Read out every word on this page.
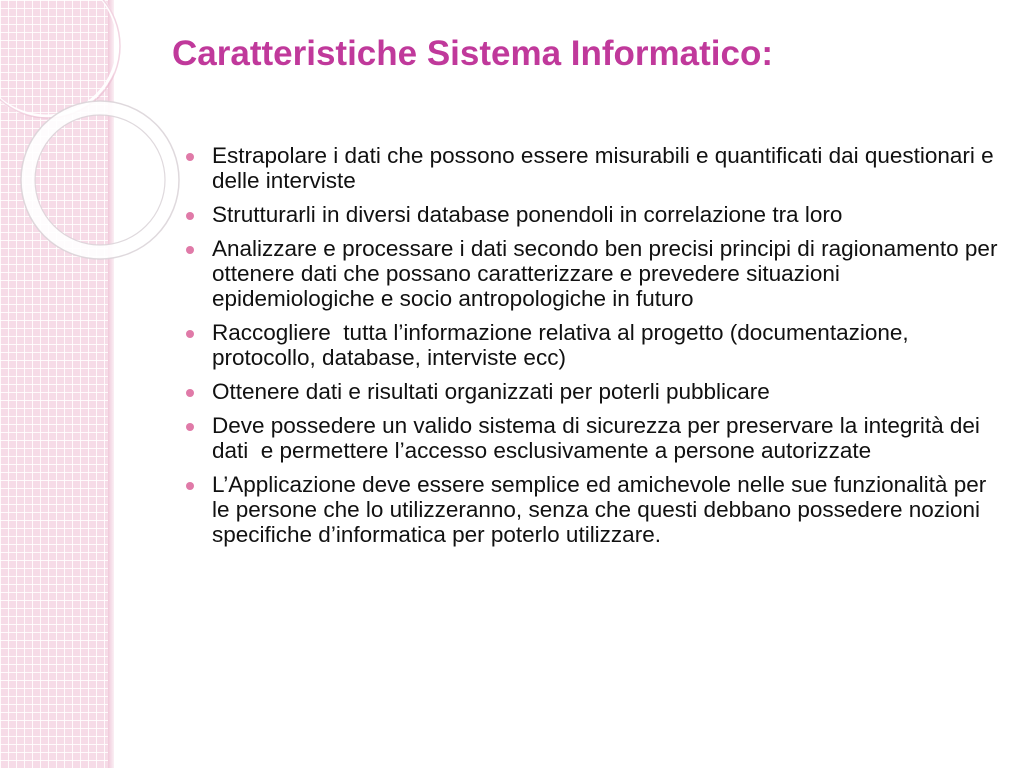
Caratteristiche Sistema Informatico:
Estrapolare i dati che possono essere misurabili e quantificati dai questionari e delle interviste
Strutturarli in diversi database ponendoli in correlazione tra loro
Analizzare e processare i dati secondo ben precisi principi di ragionamento per ottenere dati che possano caratterizzare e prevedere situazioni epidemiologiche e socio antropologiche in futuro
Raccogliere  tutta l’informazione relativa al progetto (documentazione, protocollo, database, interviste ecc)
Ottenere dati e risultati organizzati per poterli pubblicare
Deve possedere un valido sistema di sicurezza per preservare la integrità dei dati  e permettere l’accesso esclusivamente a persone autorizzate
L’Applicazione deve essere semplice ed amichevole nelle sue funzionalità per le persone che lo utilizzeranno, senza che questi debbano possedere nozioni specifiche d’informatica per poterlo utilizzare.
